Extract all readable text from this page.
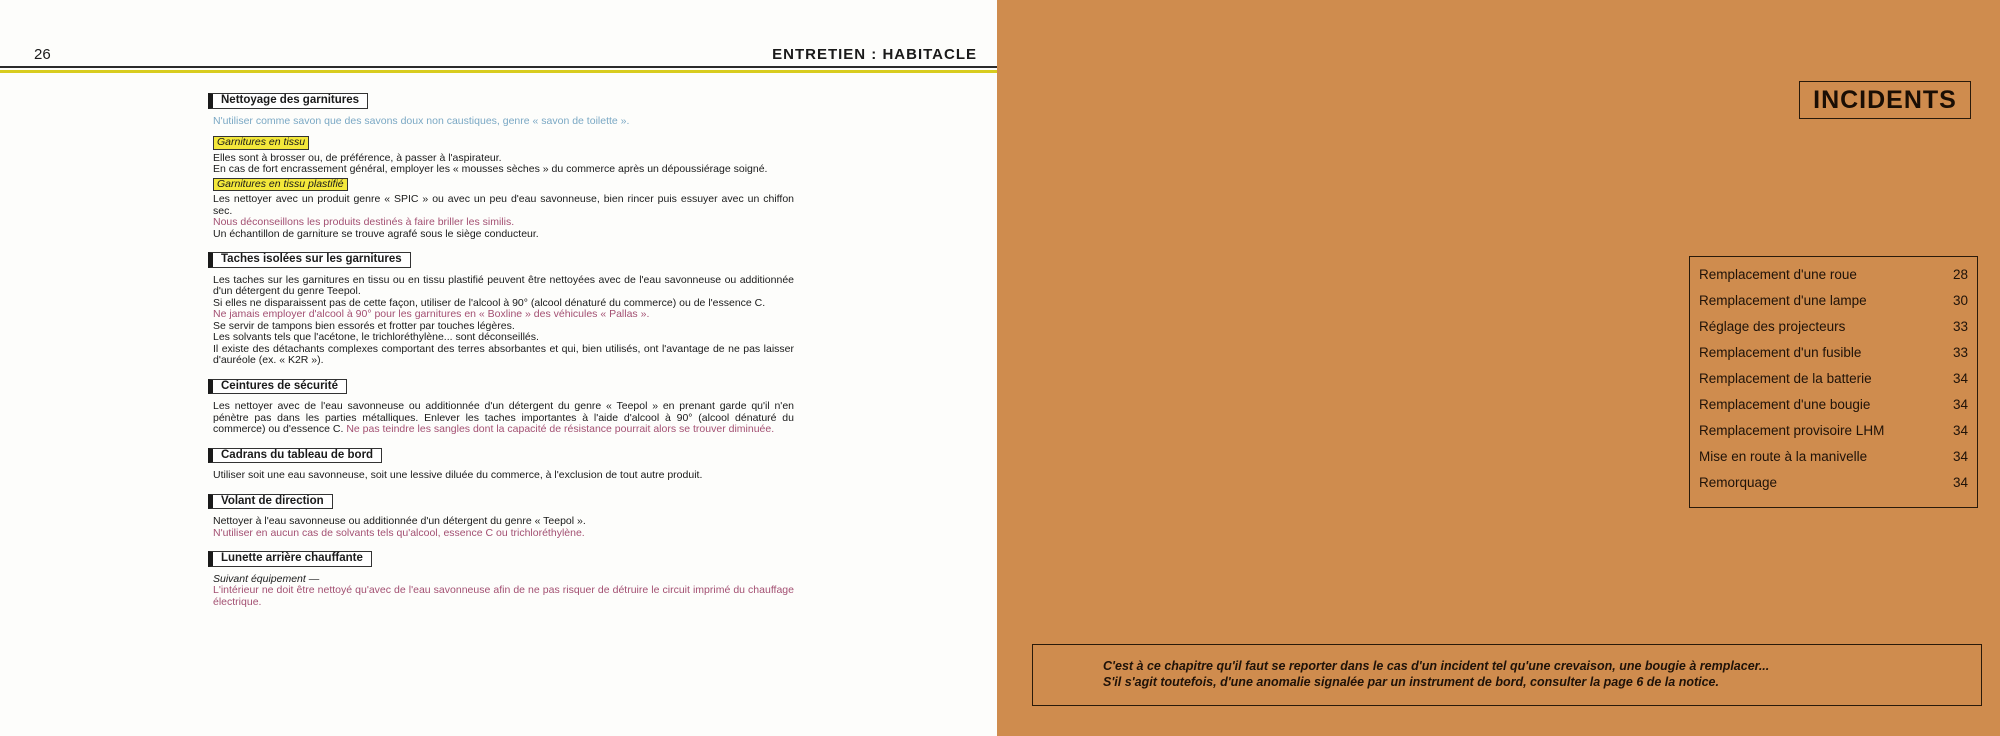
26	ENTRETIEN : HABITACLE
Nettoyage des garnitures

N'utiliser comme savon que des savons doux non caustiques, genre « savon de toilette ».

Garnitures en tissu

Elles sont à brosser ou, de préférence, à passer à l'aspirateur.

En cas de fort encrassement général, employer les « mousses sèches » du commerce après un dépoussiérage soigné.

Garnitures en tissu plastifié

Les nettoyer avec un produit genre « SPIC » ou avec un peu d'eau savonneuse, bien rincer puis essuyer avec un chiffon sec.

Nous déconseillons les produits destinés à faire briller les similis.

Un échantillon de garniture se trouve agrafé sous le siège conducteur.

Taches isolées sur les garnitures

Les taches sur les garnitures en tissu ou en tissu plastifié peuvent être nettoyées avec de l'eau savonneuse ou additionnée d'un détergent du genre Teepol.

Si elles ne disparaissent pas de cette façon, utiliser de l'alcool à 90° (alcool dénaturé du commerce) ou de l'essence C.

Ne jamais employer d'alcool à 90° pour les garnitures en « Boxline » des véhicules « Pallas ».

Se servir de tampons bien essorés et frotter par touches légères.

Les solvants tels que l'acétone, le trichloréthylène... sont déconseillés.

Il existe des détachants complexes comportant des terres absorbantes et qui, bien utilisés, ont l'avantage de ne pas laisser d'auréole (ex. « K2R »).

Ceintures de sécurité

Les nettoyer avec de l'eau savonneuse ou additionnée d'un détergent du genre « Teepol » en prenant garde qu'il n'en pénètre pas dans les parties métalliques. Enlever les taches importantes à l'aide d'alcool à 90° (alcool dénaturé du commerce) ou d'essence C. Ne pas teindre les sangles dont la capacité de résistance pourrait alors se trouver diminuée.

Cadrans du tableau de bord

Utiliser soit une eau savonneuse, soit une lessive diluée du commerce, à l'exclusion de tout autre produit.

Volant de direction

Nettoyer à l'eau savonneuse ou additionnée d'un détergent du genre « Teepol ».

N'utiliser en aucun cas de solvants tels qu'alcool, essence C ou trichloréthylène.

Lunette arrière chauffante

Suivant équipement —

L'intérieur ne doit être nettoyé qu'avec de l'eau savonneuse afin de ne pas risquer de détruire le circuit imprimé du chauffage électrique.

INCIDENTS
Remplacement d'une roue	28
Remplacement d'une lampe	30
Réglage des projecteurs	33
Remplacement d'un fusible	33
Remplacement de la batterie	34
Remplacement d'une bougie	34
Remplacement provisoire LHM	34
Mise en route à la manivelle	34
Remorquage	34
C'est à ce chapitre qu'il faut se reporter dans le cas d'un incident tel qu'une crevaison, une bougie à remplacer...
S'il s'agit toutefois, d'une anomalie signalée par un instrument de bord, consulter la page 6 de la notice.
